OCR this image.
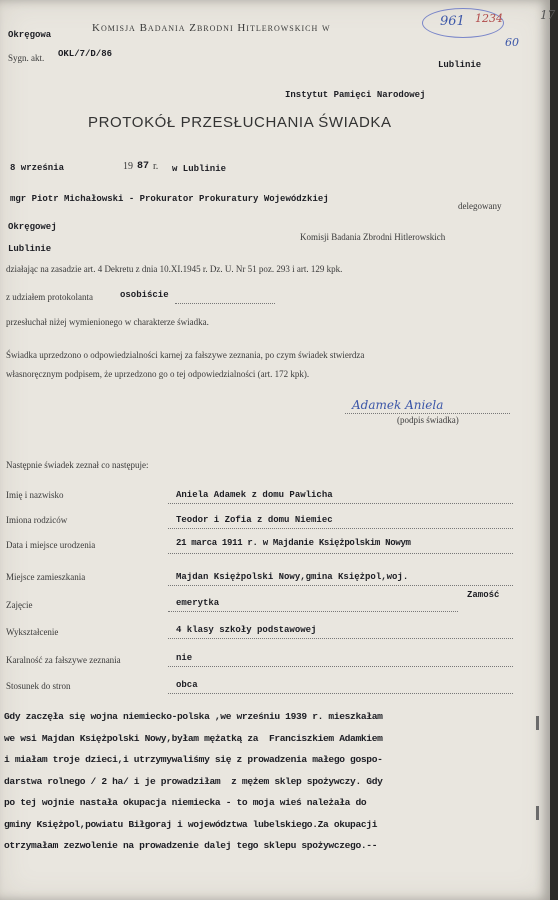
Okręgowa
Komisja Badania Zbrodni Hitlerowskich w
Lublinie
Sygn. akt. OKL/7/D/86
Instytut Pamięci Narodowej
961 1234
60
17
PROTOKÓŁ PRZESŁUCHANIA ŚWIADKA
8 września	19 87 r. w Lublinie
mgr Piotr Michałowski - Prokurator Prokuratury Wojewódzkiej
delegowany
Okręgowej
Komisji Badania Zbrodni Hitlerowskich
Lublinie
działając na zasadzie art. 4 Dekretu z dnia 10.XI.1945 r. Dz. U. Nr 51 poz. 293 i art. 129 kpk.
z udziałem protokolanta	osobiście
przesłuchał niżej wymienionego w charakterze świadka.
Świadka uprzedzono o odpowiedzialności karnej za fałszywe zeznania, po czym świadek stwierdza
własnoręcznym podpisem, że uprzedzono go o tej odpowiedzialności (art. 172 kpk).
Adamek Aniela
(podpis świadka)
Następnie świadek zeznał co następuje:
Imię i nazwisko	Aniela Adamek z domu Pawlicha
Imiona rodziców	Teodor i Zofia z domu Niemiec
Data i miejsce urodzenia	21 marca 1911 r. w Majdanie Księżpolskim Nowym
Miejsce zamieszkania	Majdan Księżpolski Nowy,gmina Księżpol,woj.
Zamość
Zajęcie	emerytka
Wykształcenie	4 klasy szkoły podstawowej
Karalność za fałszywe zeznania	nie
Stosunek do stron	obca
Gdy zaczęła się wojna niemiecko-polska ,we wrześniu 1939 r. mieszkałam
we wsi Majdan Księżpolski Nowy,byłam mężatką za  Franciszkiem Adamkiem
i miałam troje dzieci,i utrzymywaliśmy się z prowadzenia małego gospo-
darstwa rolnego / 2 ha/ i je prowadziłam  z mężem sklep spożywczy. Gdy
po tej wojnie nastała okupacja niemiecka - to moja wieś należała do
gminy Księżpol,powiatu Biłgoraj i województwa lubelskiego.Za okupacji
otrzymałam zezwolenie na prowadzenie dalej tego sklepu spożywczego.--
